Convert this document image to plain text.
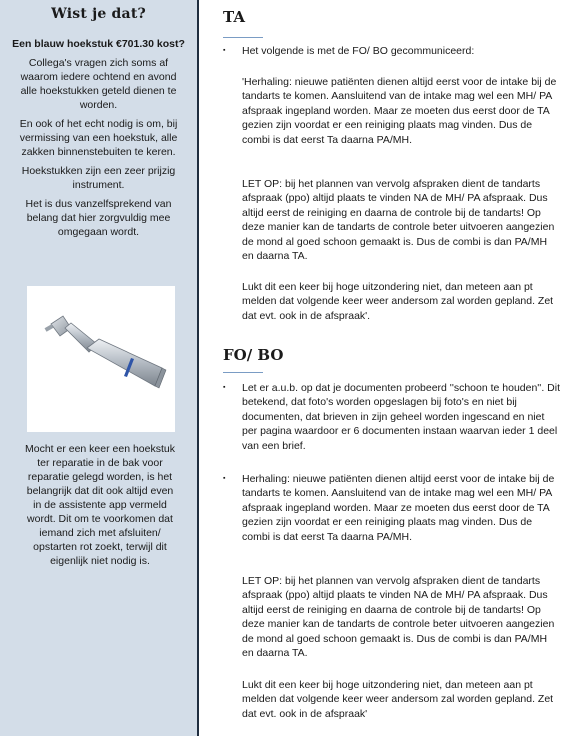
Wist je dat?
Een blauw hoekstuk €701.30 kost?
Collega's vragen zich soms af waarom iedere ochtend en avond alle hoekstukken geteld dienen te worden.
En ook of het echt nodig is om, bij vermissing van een hoekstuk, alle zakken binnenstebuiten te keren.
Hoekstukken zijn een zeer prijzig instrument.
Het is dus vanzelfsprekend van belang dat hier zorgvuldig mee omgegaan wordt.
Mocht er een keer een hoekstuk ter reparatie in de bak voor reparatie gelegd worden, is het belangrijk dat dit ook altijd even in de assistente app vermeld wordt. Dit om te voorkomen dat iemand zich met afsluiten/ opstarten rot zoekt, terwijl dit eigenlijk niet nodig is.
TA
▪	Het volgende is met de FO/ BO gecommuniceerd:
'Herhaling: nieuwe patiënten dienen altijd eerst voor de intake bij de tandarts te komen. Aansluitend van de intake mag wel een MH/ PA afspraak ingepland worden. Maar ze moeten dus eerst door de TA gezien zijn voordat er een reiniging plaats mag vinden. Dus de combi is dat eerst Ta daarna PA/MH.
LET OP: bij het plannen van vervolg afspraken dient de tandarts afspraak (ppo) altijd plaats te vinden NA de MH/ PA afspraak. Dus altijd eerst de reiniging en daarna de controle bij de tandarts! Op deze manier kan de tandarts de controle beter uitvoeren aangezien de mond al goed schoon gemaakt is. Dus de combi is dan PA/MH en daarna TA.
Lukt dit een keer bij hoge uitzondering niet, dan meteen aan pt melden dat volgende keer weer andersom zal worden gepland. Zet dat evt. ook in de afspraak'.
FO/ BO
▪	Let er a.u.b. op dat je documenten probeerd ''schoon te houden''. Dit betekend, dat foto's worden opgeslagen bij foto's en niet bij documenten, dat brieven in zijn geheel worden ingescand en niet per pagina waardoor er 6 documenten instaan waarvan ieder 1 deel van een brief.
▪	Herhaling: nieuwe patiënten dienen altijd eerst voor de intake bij de tandarts te komen. Aansluitend van de intake mag wel een MH/ PA afspraak ingepland worden. Maar ze moeten dus eerst door de TA gezien zijn voordat er een reiniging plaats mag vinden. Dus de combi is dat eerst Ta daarna PA/MH.
LET OP: bij het plannen van vervolg afspraken dient de tandarts afspraak (ppo) altijd plaats te vinden NA de MH/ PA afspraak. Dus altijd eerst de reiniging en daarna de controle bij de tandarts! Op deze manier kan de tandarts de controle beter uitvoeren aangezien de mond al goed schoon gemaakt is. Dus de combi is dan PA/MH en daarna TA.
Lukt dit een keer bij hoge uitzondering niet, dan meteen aan pt melden dat volgende keer weer andersom zal worden gepland. Zet dat evt. ook in de afspraak'
